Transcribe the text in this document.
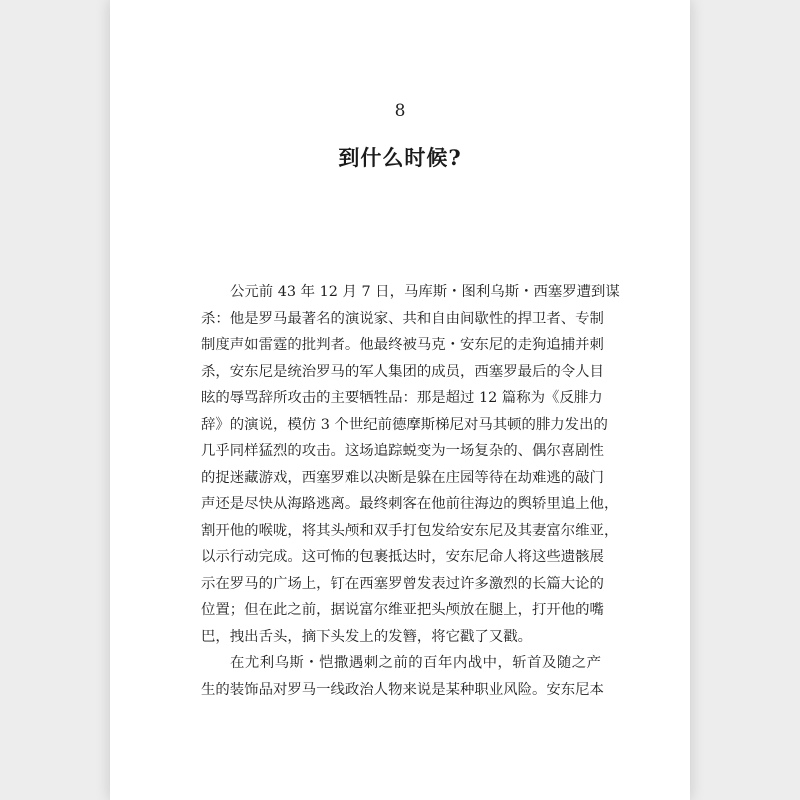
8
到什么时候?

公元前 43 年 12 月 7 日，马库斯・图利乌斯・西塞罗遭到谋
杀：他是罗马最著名的演说家、共和自由间歇性的捍卫者、专制
制度声如雷霆的批判者。他最终被马克・安东尼的走狗追捕并刺
杀，安东尼是统治罗马的军人集团的成员，西塞罗最后的令人目
眩的辱骂辞所攻击的主要牺牲品：那是超过 12 篇称为《反腓力
辞》的演说，模仿 3 个世纪前德摩斯梯尼对马其顿的腓力发出的
几乎同样猛烈的攻击。这场追踪蜕变为一场复杂的、偶尔喜剧性
的捉迷藏游戏，西塞罗难以决断是躲在庄园等待在劫难逃的敲门
声还是尽快从海路逃离。最终刺客在他前往海边的舆轿里追上他，
割开他的喉咙，将其头颅和双手打包发给安东尼及其妻富尔维亚，
以示行动完成。这可怖的包裹抵达时，安东尼命人将这些遗骸展
示在罗马的广场上，钉在西塞罗曾发表过许多激烈的长篇大论的
位置；但在此之前，据说富尔维亚把头颅放在腿上，打开他的嘴
巴，拽出舌头，摘下头发上的发簪，将它戳了又戳。

在尤利乌斯・恺撒遇刺之前的百年内战中，斩首及随之产
生的装饰品对罗马一线政治人物来说是某种职业风险。安东尼本
